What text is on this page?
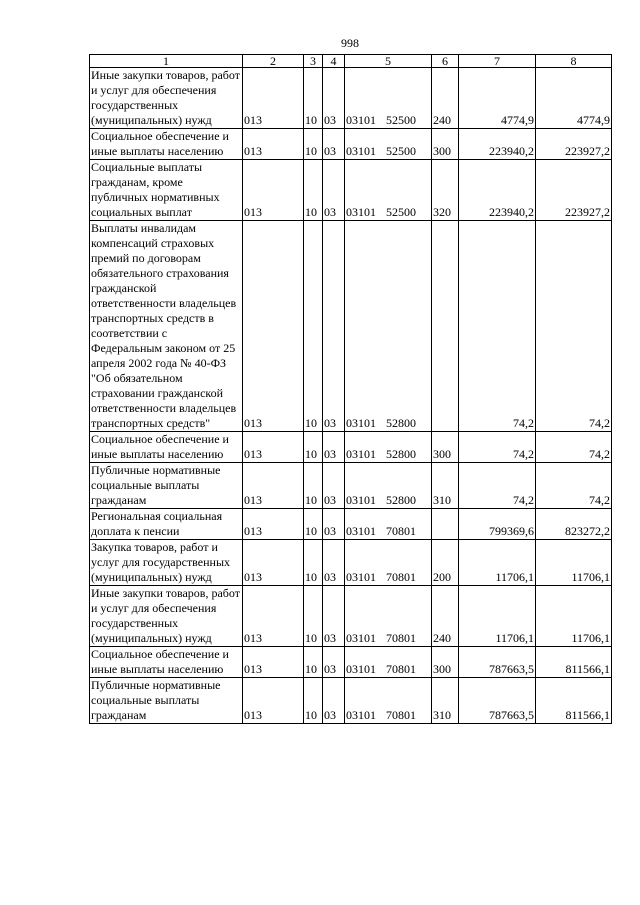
998
1	2	3	4	5	6	7	8
Иные закупки товаров, работ и услуг для обеспечения государственных (муниципальных) нужд	013	10	03	03101 52500	240	4774,9	4774,9
Социальное обеспечение и иные выплаты населению	013	10	03	03101 52500	300	223940,2	223927,2
Социальные выплаты гражданам, кроме публичных нормативных социальных выплат	013	10	03	03101 52500	320	223940,2	223927,2
Выплаты инвалидам компенсаций страховых премий по договорам обязательного страхования гражданской ответственности владельцев транспортных средств в соответствии с Федеральным законом от 25 апреля 2002 года № 40-ФЗ "Об обязательном страховании гражданской ответственности владельцев транспортных средств"	013	10	03	03101 52800		74,2	74,2
Социальное обеспечение и иные выплаты населению	013	10	03	03101 52800	300	74,2	74,2
Публичные нормативные социальные выплаты гражданам	013	10	03	03101 52800	310	74,2	74,2
Региональная социальная доплата к пенсии	013	10	03	03101 70801		799369,6	823272,2
Закупка товаров, работ и услуг для государственных (муниципальных) нужд	013	10	03	03101 70801	200	11706,1	11706,1
Иные закупки товаров, работ и услуг для обеспечения государственных (муниципальных) нужд	013	10	03	03101 70801	240	11706,1	11706,1
Социальное обеспечение и иные выплаты населению	013	10	03	03101 70801	300	787663,5	811566,1
Публичные нормативные социальные выплаты гражданам	013	10	03	03101 70801	310	787663,5	811566,1
